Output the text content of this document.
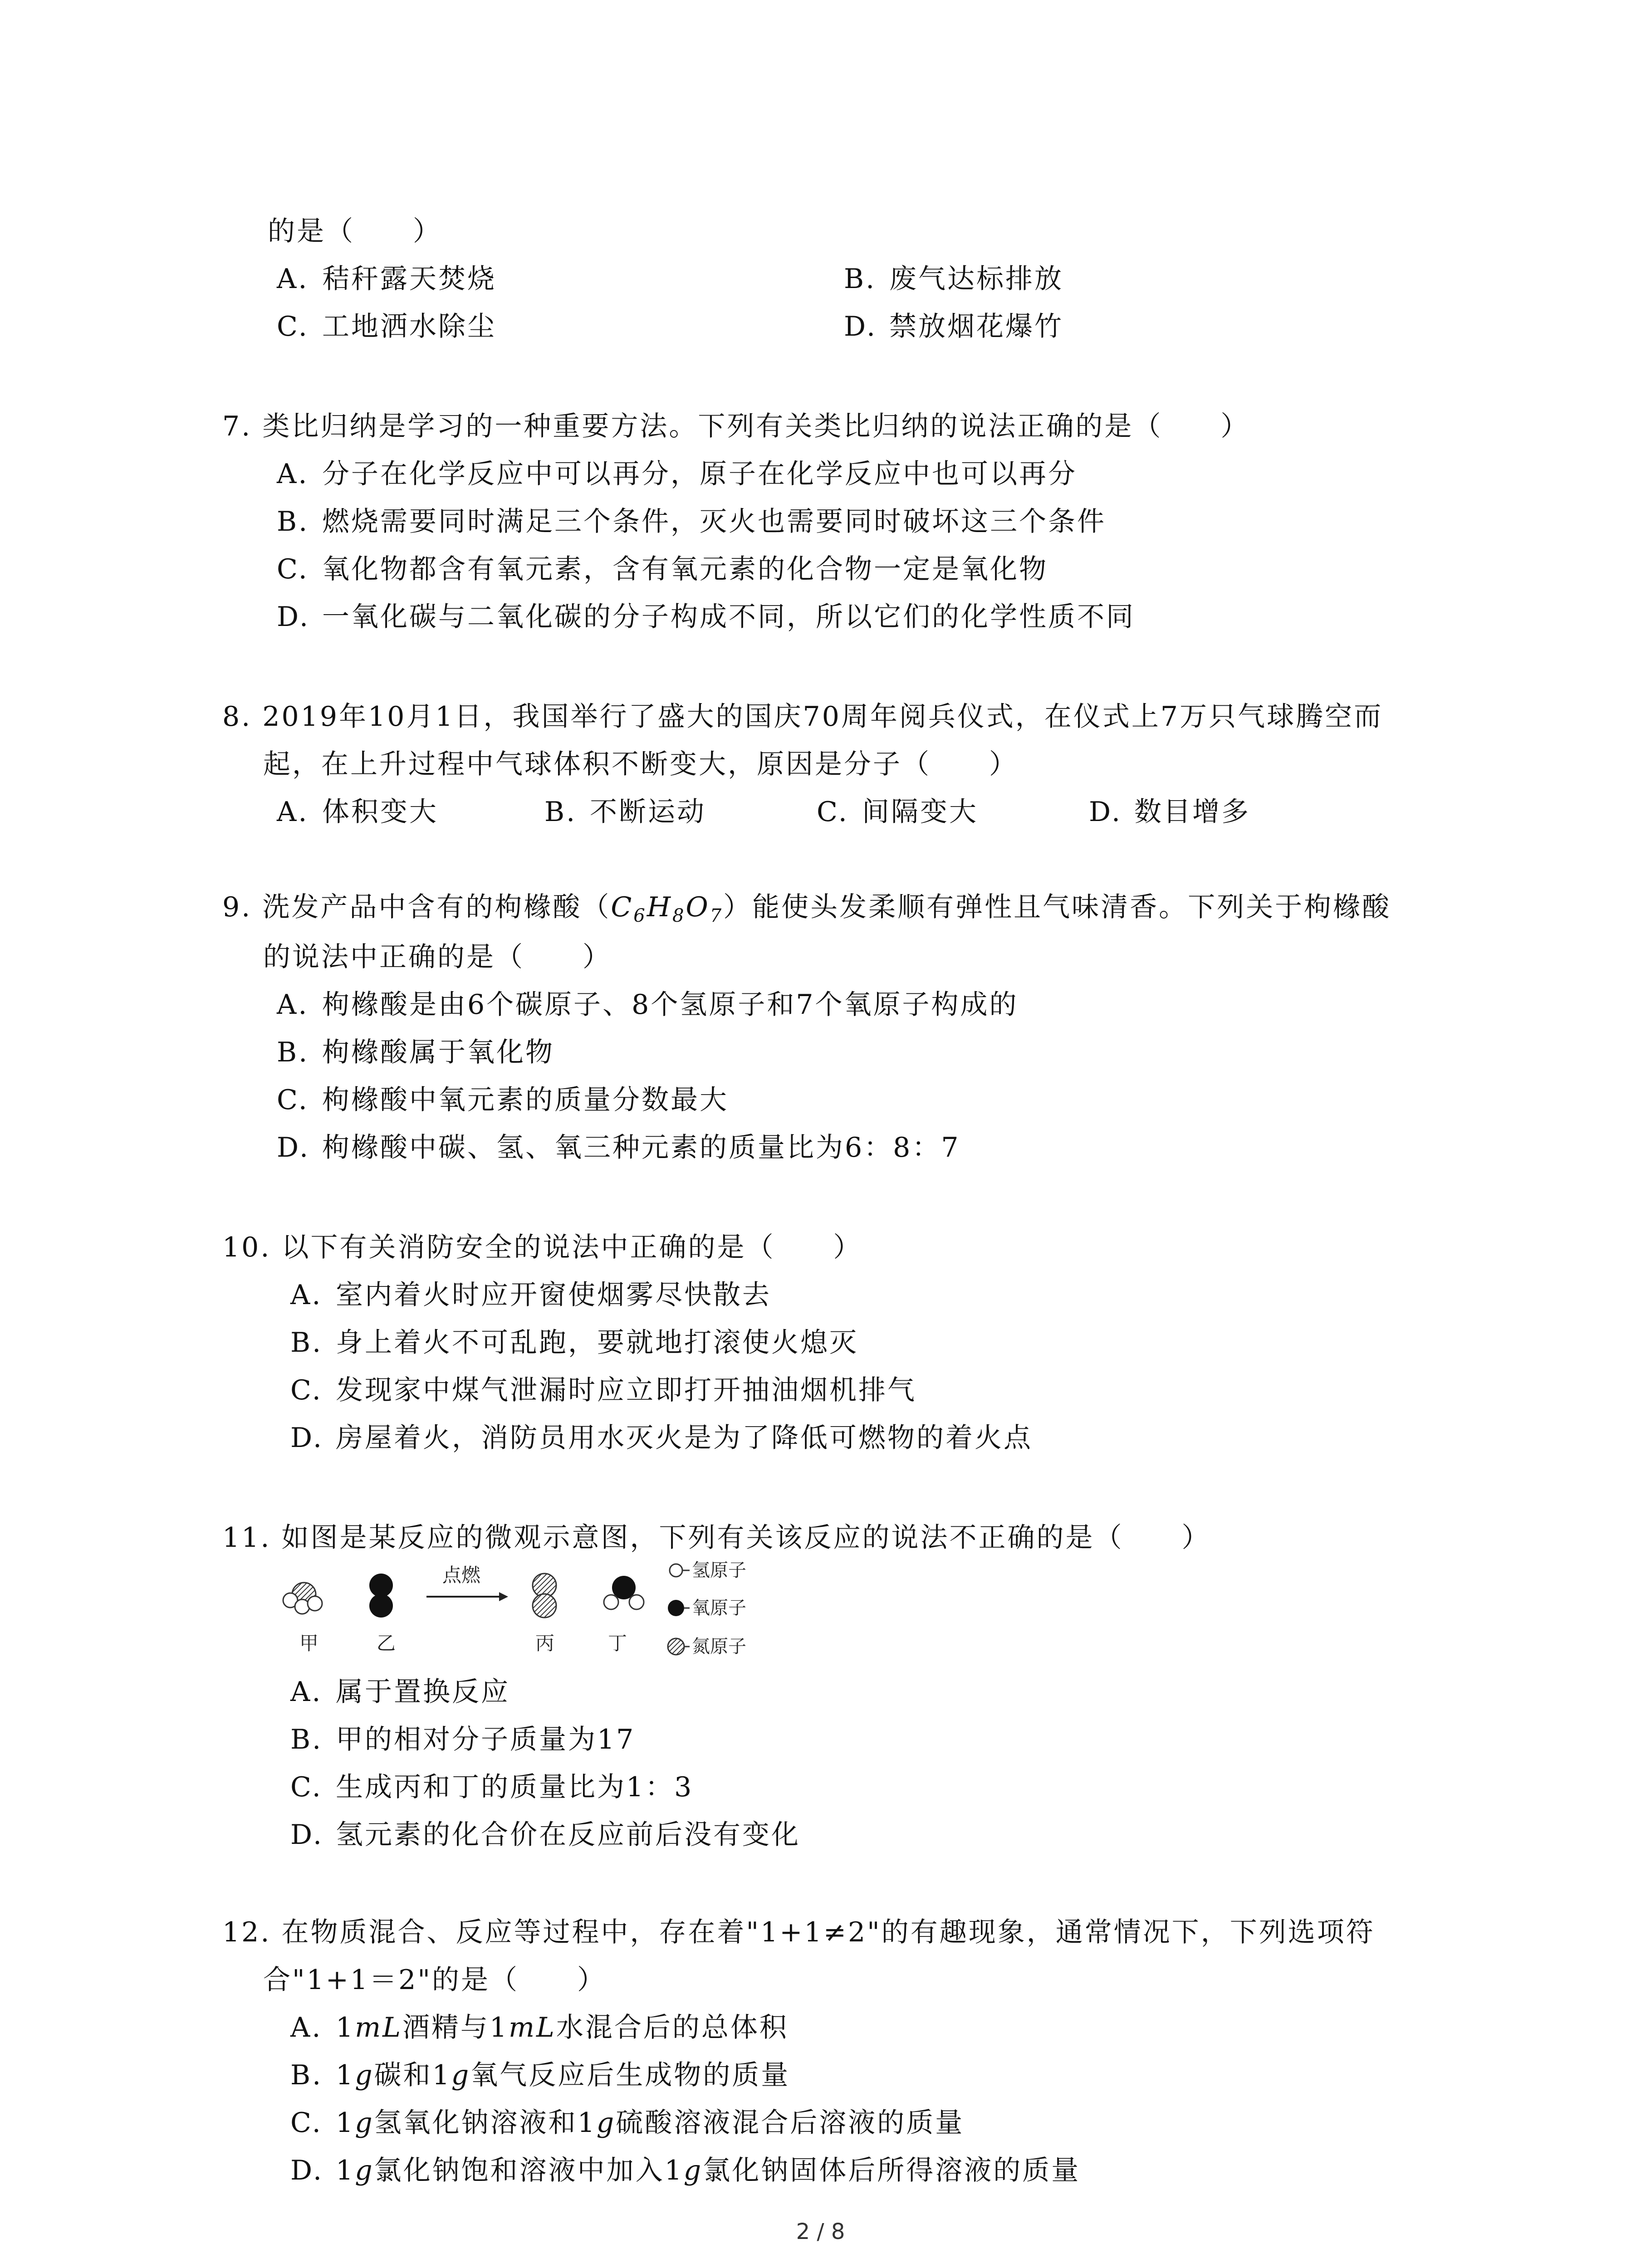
的是（　　）
A. 秸秆露天焚烧	B. 废气达标排放
C. 工地洒水除尘	D. 禁放烟花爆竹
7. 类比归纳是学习的一种重要方法。下列有关类比归纳的说法正确的是（　　）
A. 分子在化学反应中可以再分，原子在化学反应中也可以再分
B. 燃烧需要同时满足三个条件，灭火也需要同时破坏这三个条件
C. 氧化物都含有氧元素，含有氧元素的化合物一定是氧化物
D. 一氧化碳与二氧化碳的分子构成不同，所以它们的化学性质不同
8. 2019年10月1日，我国举行了盛大的国庆70周年阅兵仪式，在仪式上7万只气球腾空而
起，在上升过程中气球体积不断变大，原因是分子（　　）
A. 体积变大	B. 不断运动	C. 间隔变大	D. 数目增多
9. 洗发产品中含有的枸橼酸$(C_6H_8O_7)$能使头发柔顺有弹性且气味清香。下列关于枸橼酸
的说法中正确的是（　　）
A. 枸橼酸是由6个碳原子、8个氢原子和7个氧原子构成的
B. 枸橼酸属于氧化物
C. 枸橼酸中氧元素的质量分数最大
D. 枸橼酸中碳、氢、氧三种元素的质量比为6：8：7
10. 以下有关消防安全的说法中正确的是（　　）
A. 室内着火时应开窗使烟雾尽快散去
B. 身上着火不可乱跑，要就地打滚使火熄灭
C. 发现家中煤气泄漏时应立即打开抽油烟机排气
D. 房屋着火，消防员用水灭火是为了降低可燃物的着火点
11. 如图是某反应的微观示意图，下列有关该反应的说法不正确的是（　　）
甲	乙
点燃
丙	丁
氢原子
氧原子
氮原子
A. 属于置换反应
B. 甲的相对分子质量为17
C. 生成丙和丁的质量比为1：3
D. 氢元素的化合价在反应前后没有变化
12. 在物质混合、反应等过程中，存在着"1+1≠2"的有趣现象，通常情况下，下列选项符
合"1+1＝2"的是（　　）
A. 1mL酒精与1mL水混合后的总体积
B. 1g碳和1g氧气反应后生成物的质量
C. 1g氢氧化钠溶液和1g硫酸溶液混合后溶液的质量
D. 1g氯化钠饱和溶液中加入1g氯化钠固体后所得溶液的质量
2 / 8
